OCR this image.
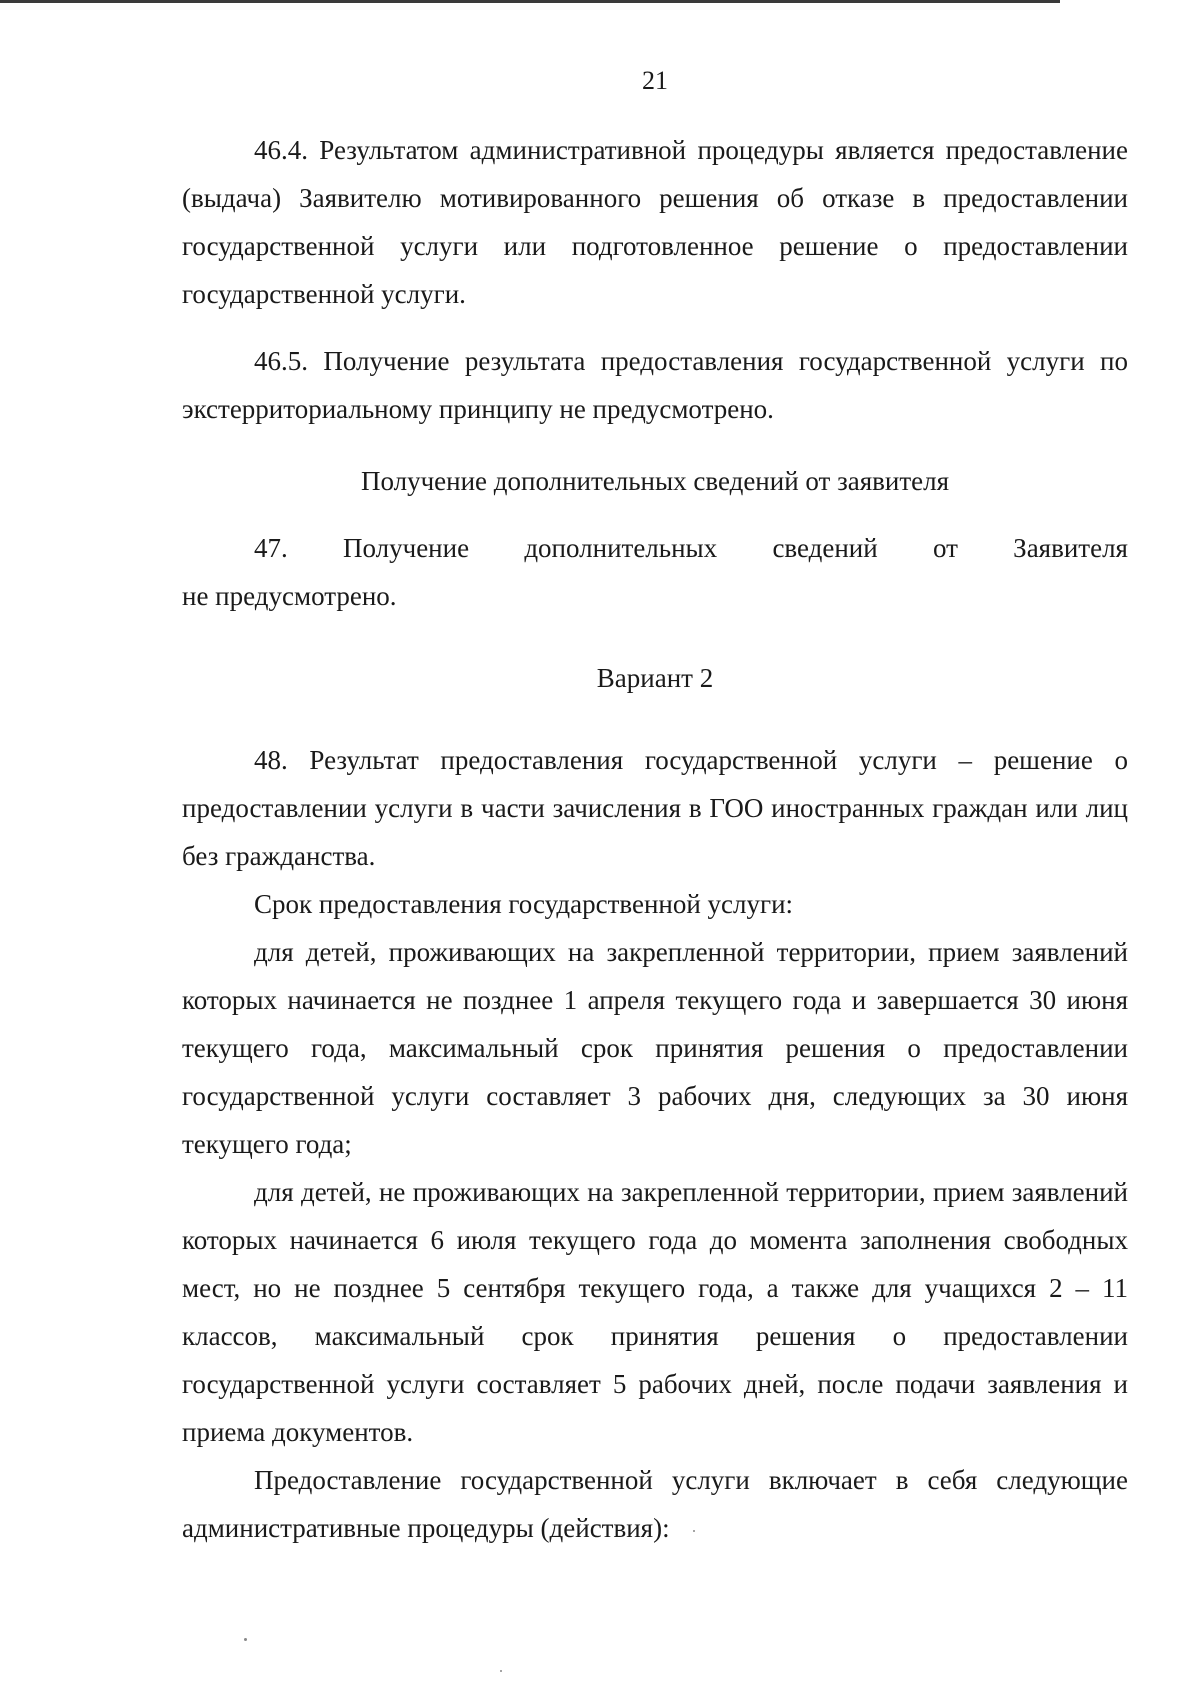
21

46.4. Результатом административной процедуры является предоставление (выдача) Заявителю мотивированного решения об отказе в предоставлении государственной услуги или подготовленное решение о предоставлении государственной услуги.

46.5. Получение результата предоставления государственной услуги по экстерриториальному принципу не предусмотрено.

Получение дополнительных сведений от заявителя

47. Получение дополнительных сведений от Заявителя

не предусмотрено.

Вариант 2

48. Результат предоставления государственной услуги – решение о предоставлении услуги в части зачисления в ГОО иностранных граждан или лиц без гражданства.

Срок предоставления государственной услуги:

для детей, проживающих на закрепленной территории, прием заявлений которых начинается не позднее 1 апреля текущего года и завершается 30 июня текущего года, максимальный срок принятия решения о предоставлении государственной услуги составляет 3 рабочих дня, следующих за 30 июня текущего года;

для детей, не проживающих на закрепленной территории, прием заявлений которых начинается 6 июля текущего года до момента заполнения свободных мест, но не позднее 5 сентября текущего года, а также для учащихся 2 – 11 классов, максимальный срок принятия решения о предоставлении государственной услуги составляет 5 рабочих дней, после подачи заявления и приема документов.

Предоставление государственной услуги включает в себя следующие административные процедуры (действия):
